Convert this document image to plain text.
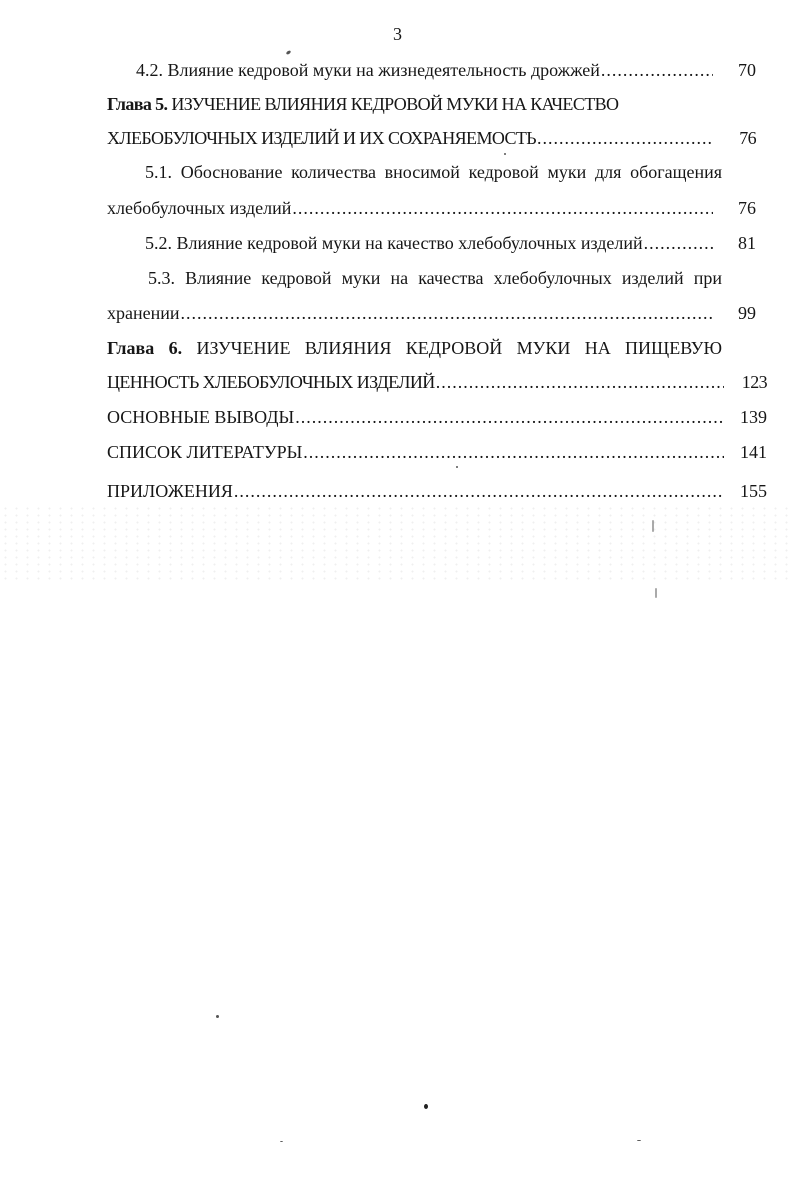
3
4.2. Влияние кедровой муки на жизнедеятельность дрожжей .....	70
Глава 5. ИЗУЧЕНИЕ ВЛИЯНИЯ КЕДРОВОЙ МУКИ НА КАЧЕСТВО
ХЛЕБОБУЛОЧНЫХ ИЗДЕЛИЙ И ИХ СОХРАНЯЕМОСТЬ .....	76
5.1. Обоснование количества вносимой кедровой муки для обогащения
хлебобулочных изделий .....	76
5.2. Влияние кедровой муки на качество хлебобулочных изделий .....	81
5.3. Влияние кедровой муки на качества хлебобулочных изделий при
хранении .....	99
Глава 6. ИЗУЧЕНИЕ ВЛИЯНИЯ КЕДРОВОЙ МУКИ НА ПИЩЕВУЮ
ЦЕННОСТЬ ХЛЕБОБУЛОЧНЫХ ИЗДЕЛИЙ .....	123
ОСНОВНЫЕ ВЫВОДЫ .....	139
СПИСОК ЛИТЕРАТУРЫ .....	141
ПРИЛОЖЕНИЯ .....	155
